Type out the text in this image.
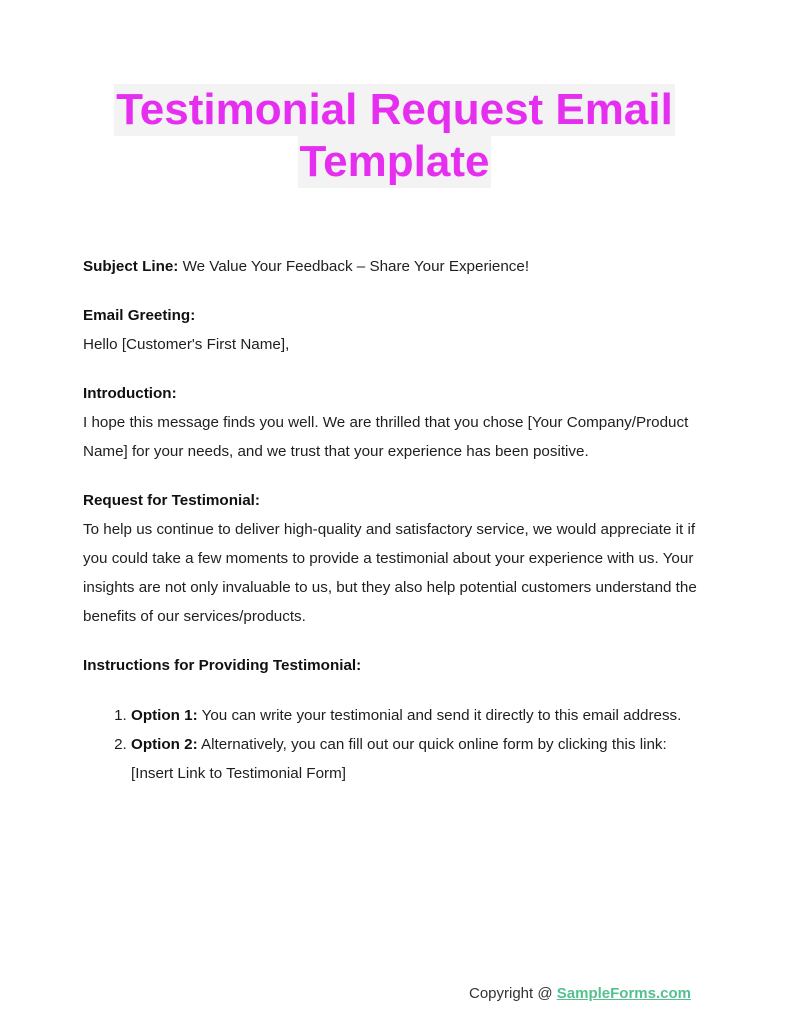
Testimonial Request Email
Template

Subject Line: We Value Your Feedback – Share Your Experience!

Email Greeting:

Hello [Customer's First Name],

Introduction:

I hope this message finds you well. We are thrilled that you chose [Your Company/Product Name] for your needs, and we trust that your experience has been positive.

Request for Testimonial:

To help us continue to deliver high-quality and satisfactory service, we would appreciate it if you could take a few moments to provide a testimonial about your experience with us. Your insights are not only invaluable to us, but they also help potential customers understand the benefits of our services/products.

Instructions for Providing Testimonial:

1. Option 1: You can write your testimonial and send it directly to this email address.
2. Option 2: Alternatively, you can fill out our quick online form by clicking this link: [Insert Link to Testimonial Form]
Copyright @ SampleForms.com
